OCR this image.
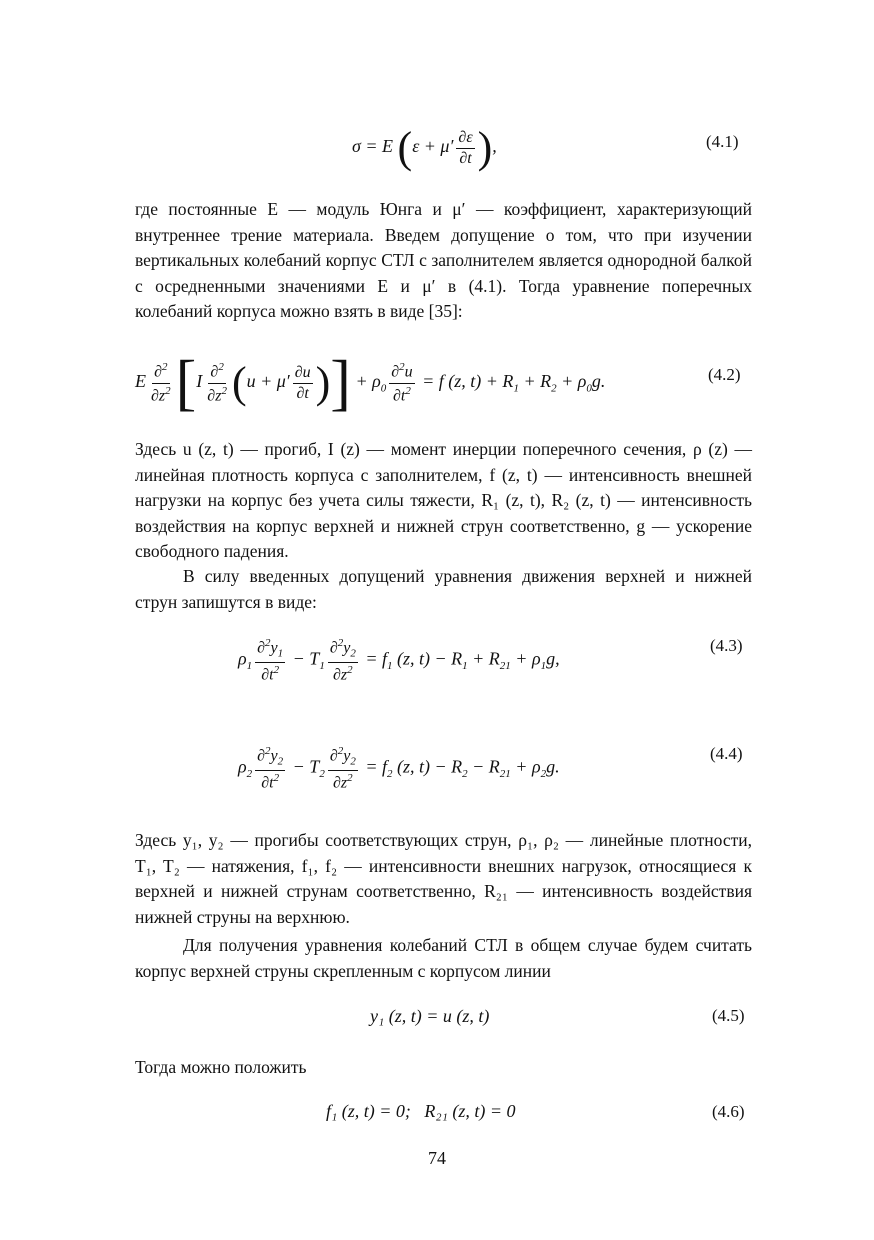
σ = E ($\varepsilon + \mu' \frac{\partial\varepsilon}{\partial t}$ ),	(4.1)
где постоянные E — модуль Юнга и μ′ — коэффициент, характеризующий внутреннее трение материала. Введем допущение о том, что при изучении вертикальных колебаний корпус СТЛ с заполнителем является однородной балкой с осредненными значениями E и μ′ в (4.1). Тогда уравнение поперечных колебаний корпуса можно взять в виде [35]:
E $\frac{\partial^2}{\partial z^2} [I \frac{\partial^2}{\partial z^2} (u + \mu' \frac{\partial u}{\partial t}$ )] + $\rho_0 \frac{\partial^2u}{\partial t^2} = f$ (z, $t) + R_1 + R_2 + \rho_0g$.	(4.2)
Здесь u (z, t) — прогиб, I (z) — момент инерции поперечного сечения, ρ (z) — линейная плотность корпуса с заполнителем, f (z, t) — интенсивность внешней нагрузки на корпус без учета силы тяжести, R₁ (z, t), R₂ (z, t) — интенсивность воздействия на корпус верхней и нижней струн соответственно, g — ускорение свободного падения.
В силу введенных допущений уравнения движения верхней и нижней струн запишутся в виде:
$\rho_1 \frac{\partial^2y_1}{\partial t^2} - T_1 \frac{\partial^2y_2}{\partial z^2} = f_1$ (z, $t) - R_1 + R_{21} + \rho_1g$,
(4.3)
$\rho_2 \frac{\partial^2y_2}{\partial t^2} - T_2 \frac{\partial^2y_2}{\partial z^2} = f_2$ (z, $t) - R_2 - R_{21} + \rho_2g$.
(4.4)
Здесь y₁, y₂ — прогибы соответствующих струн, ρ₁, ρ₂ — линейные плотности, T₁, T₂ — натяжения, f₁, f₂ — интенсивности внешних нагрузок, относящиеся к верхней и нижней струнам соответственно, R₂₁ — интенсивность воздействия нижней струны на верхнюю.
Для получения уравнения колебаний СТЛ в общем случае будем считать корпус верхней струны скрепленным с корпусом линии
y₁ (z, t) = u (z, t)	(4.5)
Тогда можно положить
f₁ (z, t) = 0;   R₂₁ (z, t) = 0	(4.6)
74
